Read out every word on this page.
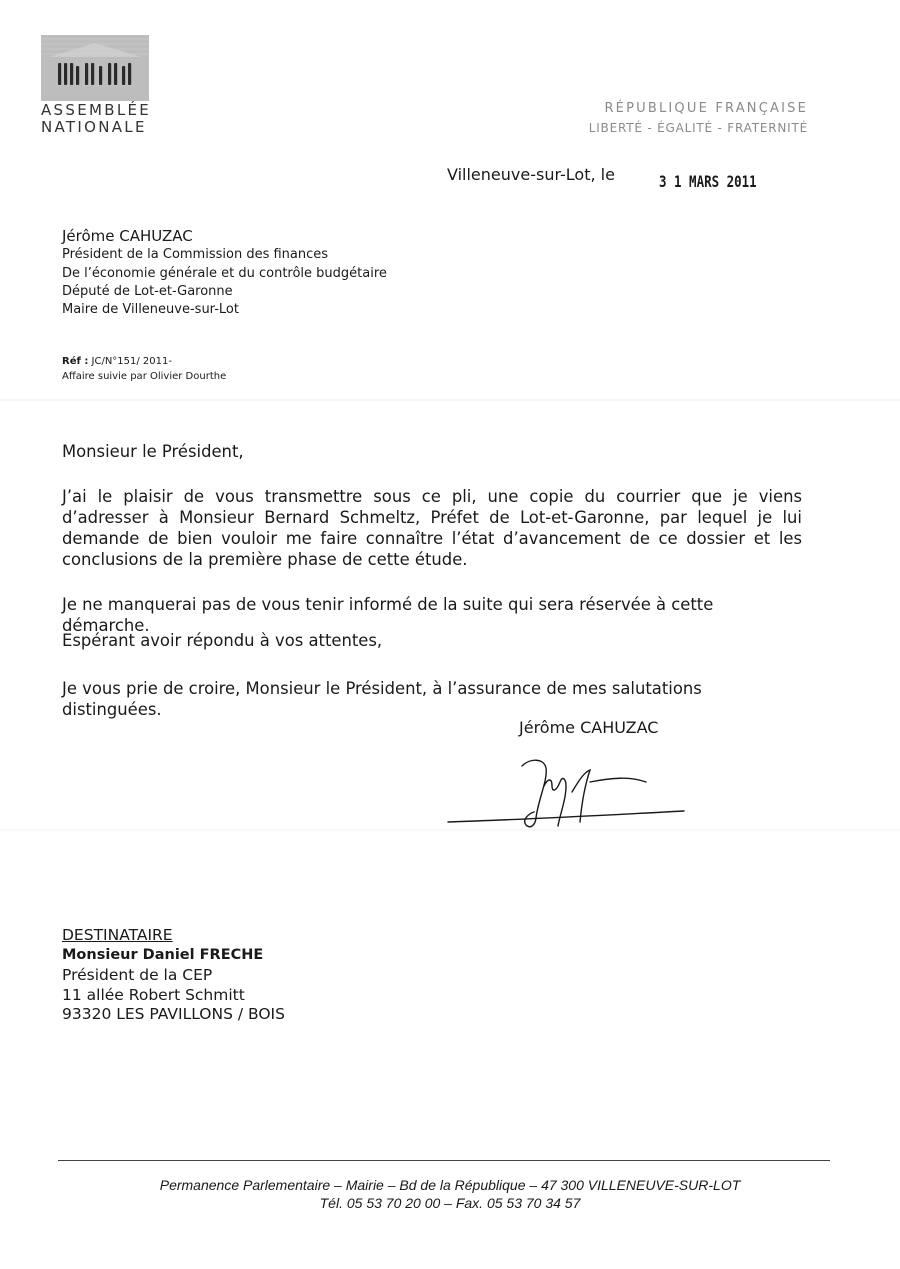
ASSEMBLÉE
NATIONALE
RÉPUBLIQUE FRANÇAISE
LIBERTÉ - ÉGALITÉ - FRATERNITÉ
Villeneuve-sur-Lot, le	3 1 MARS 2011
Jérôme CAHUZAC
Président de la Commission des finances
De l’économie générale et du contrôle budgétaire
Député de Lot-et-Garonne
Maire de Villeneuve-sur-Lot
Réf : JC/N°151/ 2011-
Affaire suivie par Olivier Dourthe
Monsieur le Président,
J’ai le plaisir de vous transmettre sous ce pli, une copie du courrier que je viens d’adresser à Monsieur Bernard Schmeltz, Préfet de Lot-et-Garonne, par lequel je lui demande de bien vouloir me faire connaître l’état d’avancement de ce dossier et les conclusions de la première phase de cette étude.
Je ne manquerai pas de vous tenir informé de la suite qui sera réservée à cette démarche.
Espérant avoir répondu à vos attentes,
Je vous prie de croire, Monsieur le Président, à l’assurance de mes salutations distinguées.
Jérôme CAHUZAC
DESTINATAIRE
Monsieur Daniel FRECHE
Président de la CEP
11 allée Robert Schmitt
93320 LES PAVILLONS / BOIS
Permanence Parlementaire – Mairie – Bd de la République – 47 300 VILLENEUVE-SUR-LOT
Tél. 05 53 70 20 00 – Fax. 05 53 70 34 57
